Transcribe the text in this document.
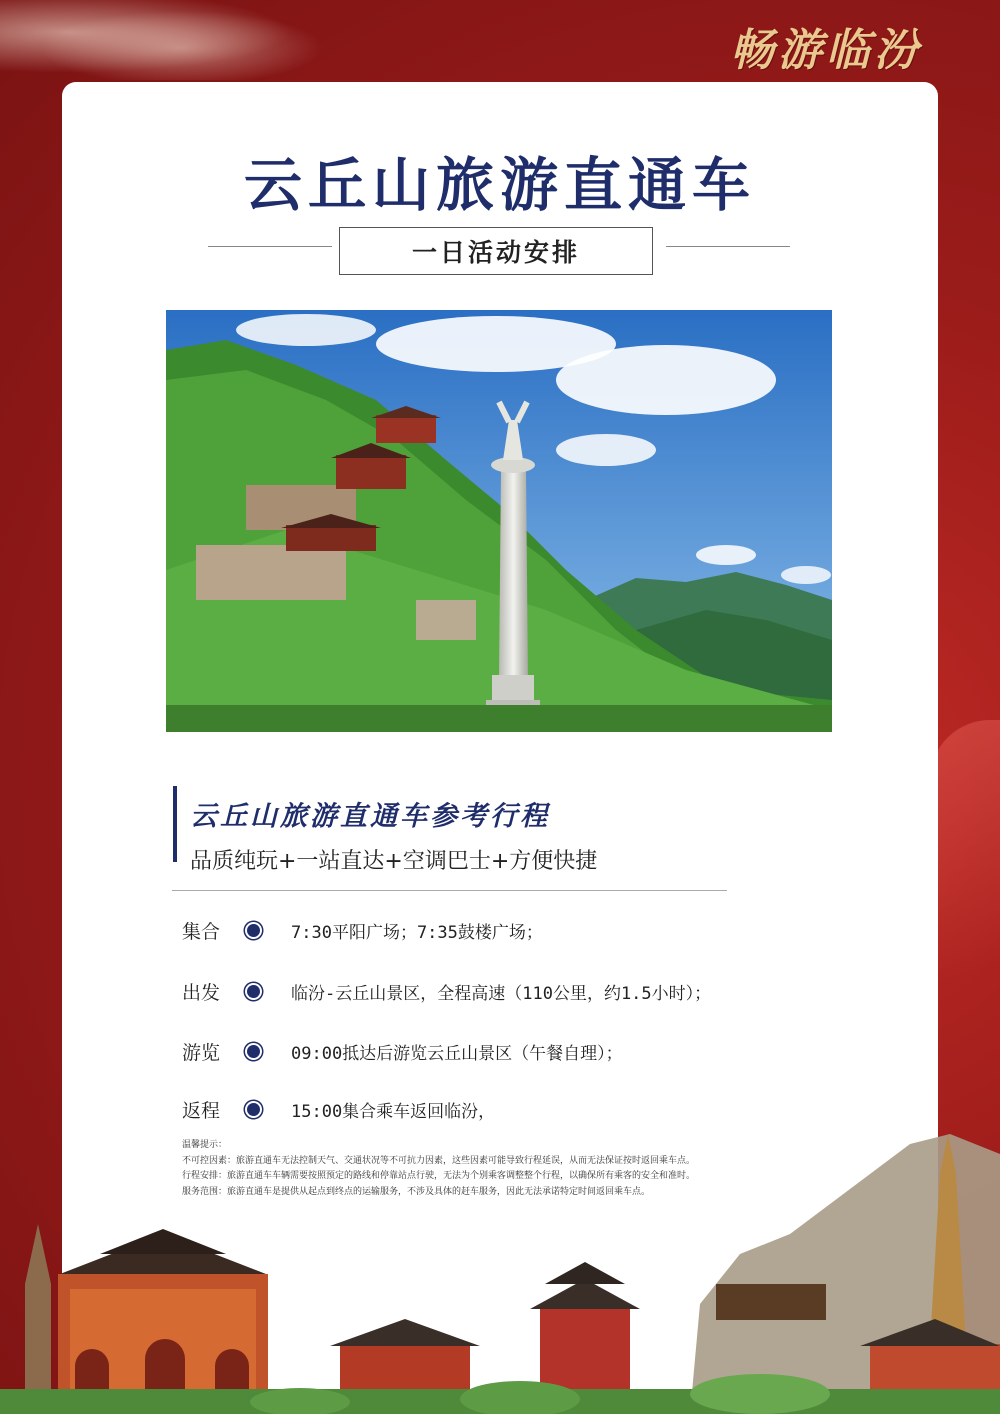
畅游临汾
云丘山旅游直通车
一日活动安排
云丘山旅游直通车参考行程
品质纯玩+一站直达+空调巴士+方便快捷
集合	7:30平阳广场；7:35鼓楼广场；
出发	临汾-云丘山景区，全程高速（110公里，约1.5小时）；
游览	09:00抵达后游览云丘山景区（午餐自理）；
返程	15:00集合乘车返回临汾，
温馨提示：
不可控因素：旅游直通车无法控制天气、交通状况等不可抗力因素，这些因素可能导致行程延误，从而无法保证按时返回乘车点。
行程安排：旅游直通车车辆需要按照预定的路线和停靠站点行驶，无法为个别乘客调整整个行程，以确保所有乘客的安全和准时。
服务范围：旅游直通车是提供从起点到终点的运输服务，不涉及具体的赶车服务，因此无法承诺特定时间返回乘车点。
